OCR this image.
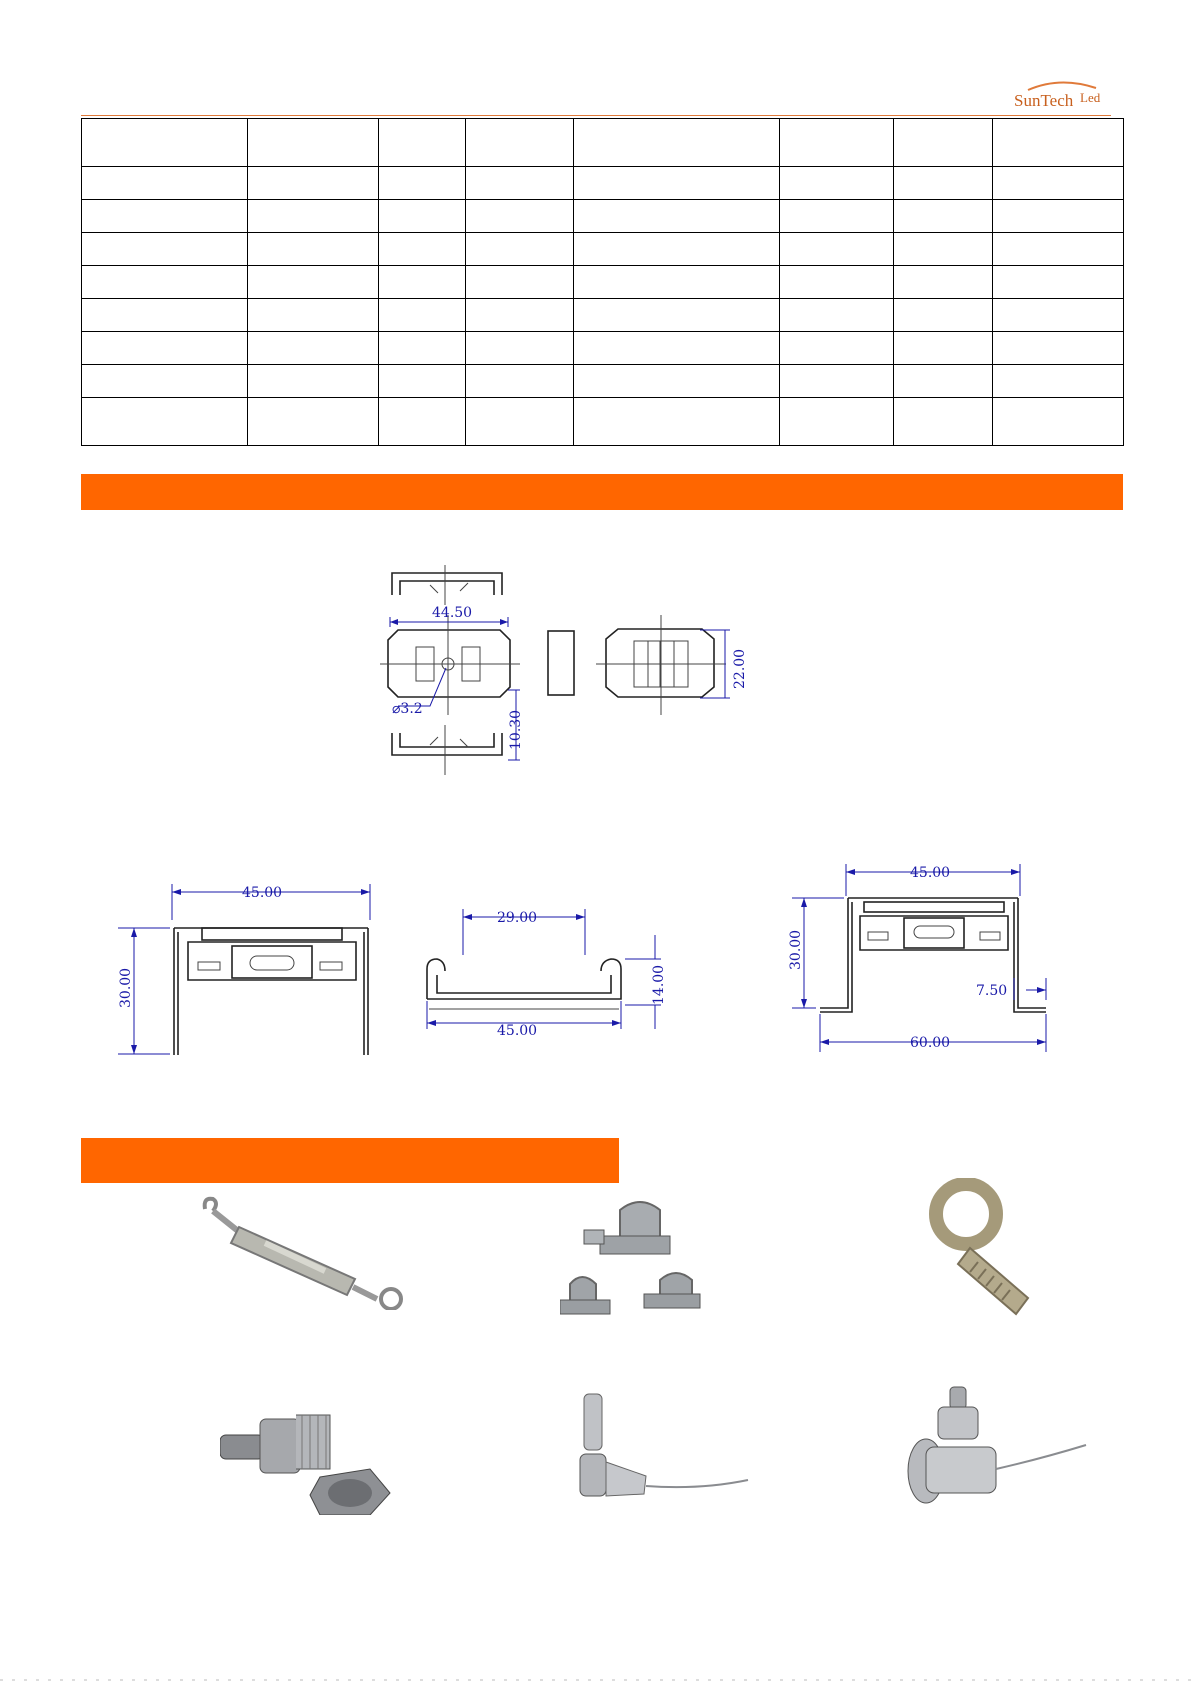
SunTech Led

44.50
⌀3.2
10.30
22.00
45.00
30.00
29.00
45.00
14.00
45.00
30.00
7.50
60.00
